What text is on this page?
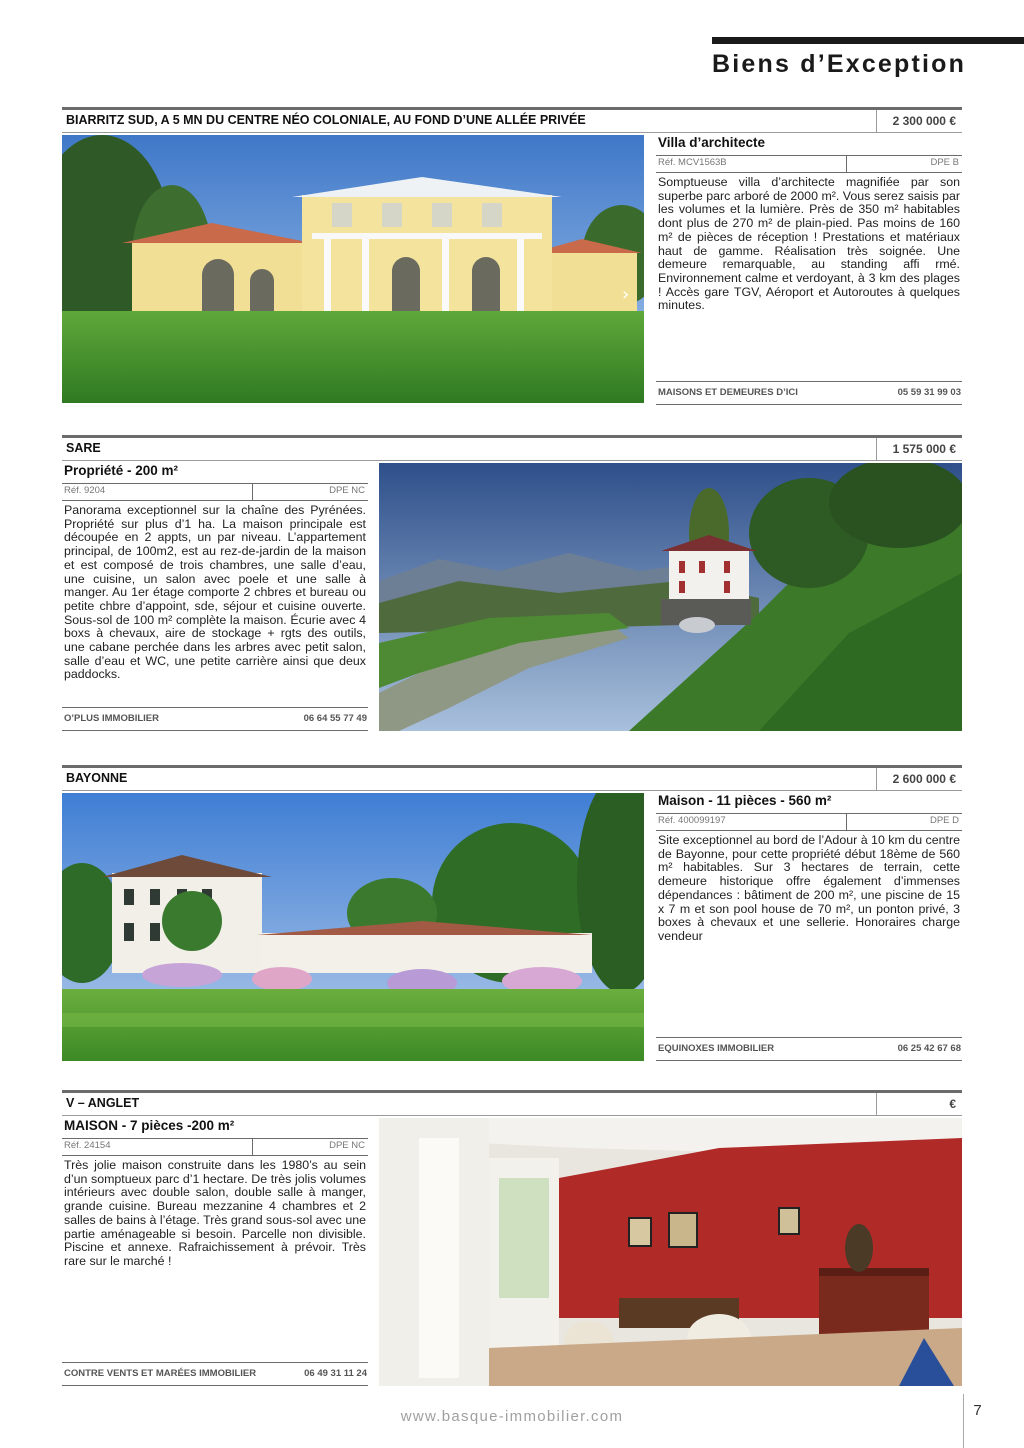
Biens d’Exception
BIARRITZ SUD, A 5 MN DU CENTRE NÉO COLONIALE, AU FOND D’UNE ALLÉE PRIVÉE	2 300 000 €
›
Villa d’architecte
Réf. MCV1563B	DPE B
Somptueuse villa d’architecte magnifiée par son superbe parc arboré de 2000 m². Vous serez saisis par les volumes et la lumière. Près de 350 m² habitables dont plus de 270 m² de plain-pied. Pas moins de 160 m² de pièces de réception ! Prestations et matériaux haut de gamme. Réalisation très soignée. Une demeure remarquable, au standing affi rmé. Environnement calme et verdoyant, à 3 km des plages ! Accès gare TGV, Aéroport et Autoroutes à quelques minutes.
MAISONS ET DEMEURES D’ICI	05 59 31 99 03
SARE	1 575 000 €
Propriété - 200 m²
Réf. 9204	DPE NC
Panorama exceptionnel sur la chaîne des Pyrénées. Propriété sur plus d’1 ha. La maison principale est découpée en 2 appts, un par niveau. L’appartement principal, de 100m2, est au rez-de-jardin de la maison et est composé de trois chambres, une salle d’eau, une cuisine, un salon avec poele et une salle à manger. Au 1er étage comporte 2 chbres et bureau ou petite chbre d’appoint, sde, séjour et cuisine ouverte. Sous-sol de 100 m² complète la maison. Écurie avec 4 boxs à chevaux, aire de stockage + rgts des outils, une cabane perchée dans les arbres avec petit salon, salle d’eau et WC, une petite carrière ainsi que deux paddocks.
O’PLUS IMMOBILIER	06 64 55 77 49
BAYONNE	2 600 000 €
Maison - 11 pièces - 560 m²
Réf. 400099197	DPE D
Site exceptionnel au bord de l’Adour à 10 km du centre de Bayonne, pour cette propriété début 18ème de 560 m² habitables. Sur 3 hectares de terrain, cette demeure historique offre également d’immenses dépendances : bâtiment de 200 m², une piscine de 15 x 7 m et son pool house de 70 m², un ponton privé, 3 boxes à chevaux et une sellerie. Honoraires charge vendeur
EQUINOXES IMMOBILIER	06 25 42 67 68
V – ANGLET	€
MAISON - 7 pièces -200 m²
Réf. 24154	DPE NC
Très jolie maison construite dans les 1980’s au sein d’un somptueux parc d’1 hectare. De très jolis volumes intérieurs avec double salon, double salle à manger, grande cuisine. Bureau mezzanine 4 chambres et 2 salles de bains à l’étage. Très grand sous-sol avec une partie aménageable si besoin. Parcelle non divisible. Piscine et annexe. Rafraichissement à prévoir. Très rare sur le marché !
CONTRE VENTS ET MARÉES IMMOBILIER	06 49 31 11 24
www.basque-immobilier.com	7
